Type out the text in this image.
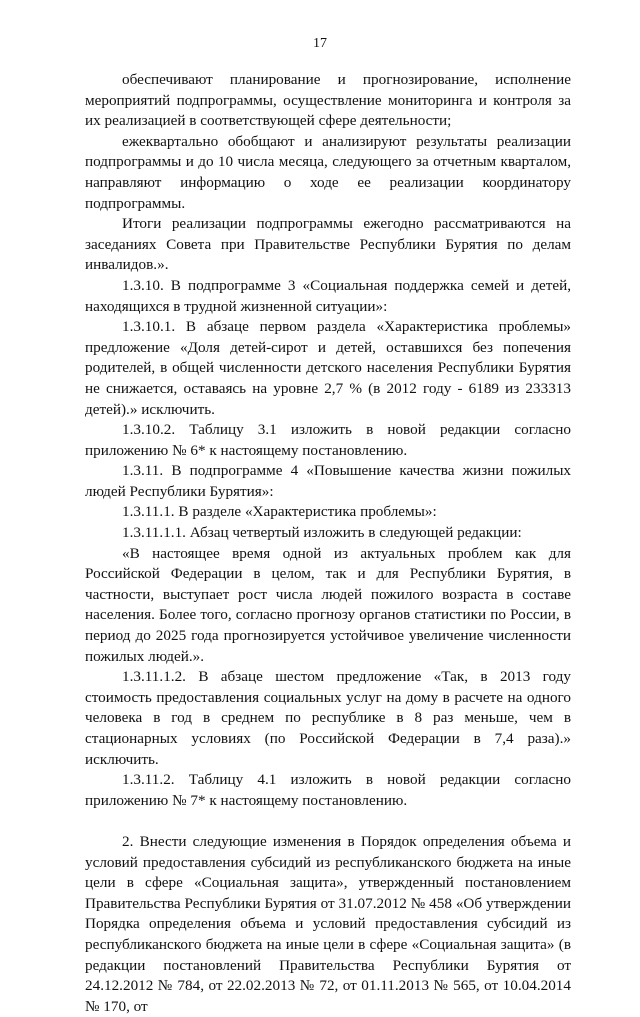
17

обеспечивают планирование и прогнозирование, исполнение мероприятий подпрограммы, осуществление мониторинга и контроля за их реализацией в соответствующей сфере деятельности;

ежеквартально обобщают и анализируют результаты реализации подпрограммы и до 10 числа месяца, следующего за отчетным кварталом, направляют информацию о ходе ее реализации координатору подпрограммы.

Итоги реализации подпрограммы ежегодно рассматриваются на заседаниях Совета при Правительстве Республики Бурятия по делам инвалидов.».

1.3.10. В подпрограмме 3 «Социальная поддержка семей и детей, находящихся в трудной жизненной ситуации»:

1.3.10.1. В абзаце первом раздела «Характеристика проблемы» предложение «Доля детей-сирот и детей, оставшихся без попечения родителей, в общей численности детского населения Республики Бурятия не снижается, оставаясь на уровне 2,7 % (в 2012 году - 6189 из 233313 детей).» исключить.

1.3.10.2. Таблицу 3.1 изложить в новой редакции согласно приложению № 6* к настоящему постановлению.

1.3.11. В подпрограмме 4 «Повышение качества жизни пожилых людей Республики Бурятия»:

1.3.11.1. В разделе «Характеристика проблемы»:

1.3.11.1.1. Абзац четвертый изложить в следующей редакции:

«В настоящее время одной из актуальных проблем как для Российской Федерации в целом, так и для Республики Бурятия, в частности, выступает рост числа людей пожилого возраста в составе населения. Более того, согласно прогнозу органов статистики по России, в период до 2025 года прогнозируется устойчивое увеличение численности пожилых людей.».

1.3.11.1.2. В абзаце шестом предложение «Так, в 2013 году стоимость предоставления социальных услуг на дому в расчете на одного человека в год в среднем по республике в 8 раз меньше, чем в стационарных условиях (по Российской Федерации в 7,4 раза).» исключить.

1.3.11.2. Таблицу 4.1 изложить в новой редакции согласно приложению № 7* к настоящему постановлению.

2. Внести следующие изменения в Порядок определения объема и условий предоставления субсидий из республиканского бюджета на иные цели в сфере «Социальная защита», утвержденный постановлением Правительства Республики Бурятия от 31.07.2012 № 458 «Об утверждении Порядка определения объема и условий предоставления субсидий из республиканского бюджета на иные цели в сфере «Социальная защита» (в редакции постановлений Правительства Республики Бурятия от 24.12.2012 № 784, от 22.02.2013 № 72, от 01.11.2013 № 565, от 10.04.2014 № 170, от
